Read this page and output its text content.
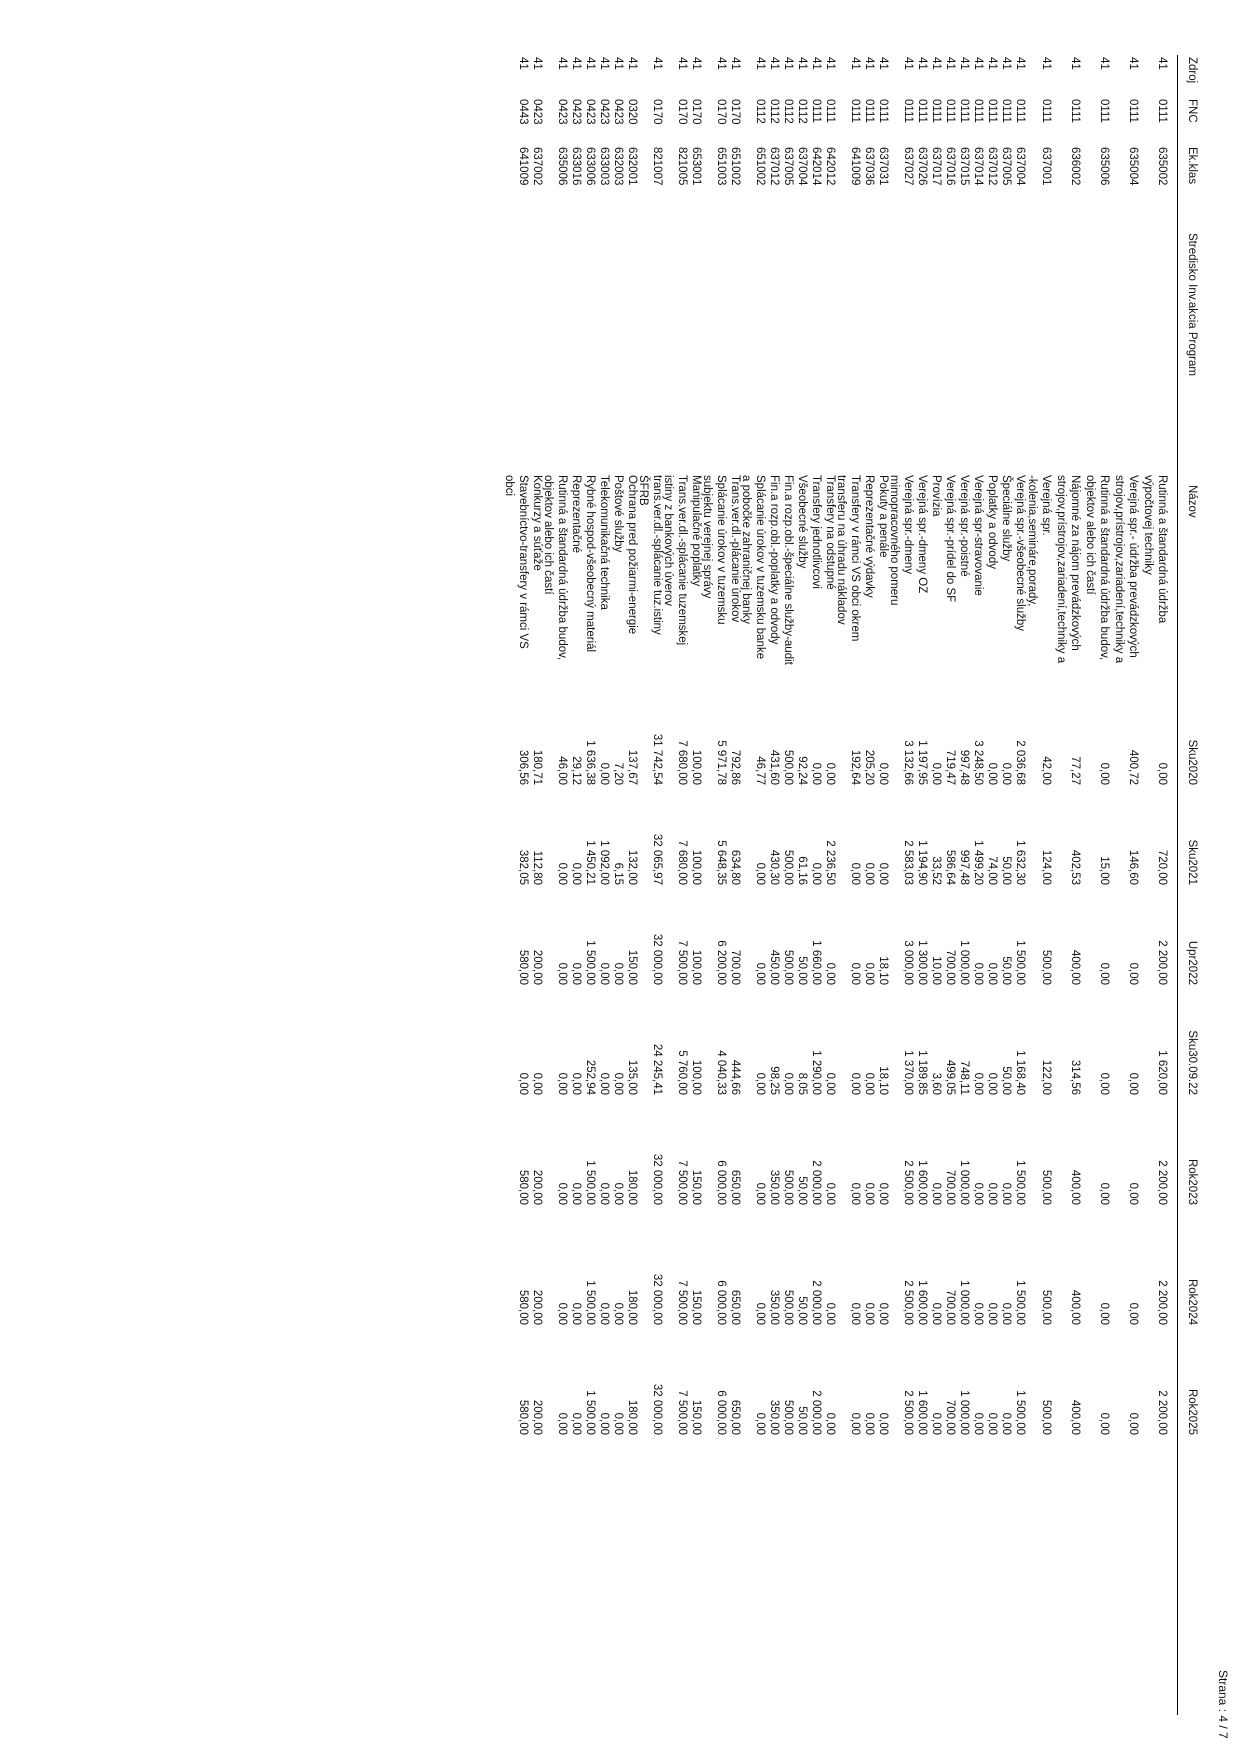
Strana : 4 / 7
Zdroj
FNC
Ek.klas
Stredisko Inv.akcia Program
Názov
Sku2020
Sku2021
Upr2022
Sku30.09.22
Rok2023
Rok2024
Rok2025
41
0111
635002
Rutinná a štandardná údržba
výpočtovej techniky
0,00
720,00
2 200,00
1 620,00
2 200,00
2 200,00
2 200,00
41
0111
635004
Verejná spr.- údržba prevádzkových
strojov,prístrojov,zariadení,techniky a
400,72
146,60
0,00
0,00
0,00
0,00
0,00
41
0111
635006
Rutinná a štandardná údržba budov,
objektov alebo ich častí
0,00
15,00
0,00
0,00
0,00
0,00
0,00
41
0111
636002
Nájomné za nájom prevádzkových
strojov,prístrojov,zariadení,techniky a
77,27
402,53
400,00
314,56
400,00
400,00
400,00
41
0111
637001
Verejná spr.
-kolenia,semináre,porady,
42,00
124,00
500,00
122,00
500,00
500,00
500,00
41
0111
637004
Verejná spr.-všeobecné služby
2 036,68
1 632,30
1 500,00
1 168,40
1 500,00
1 500,00
1 500,00
41
0111
637005
Špeciálne služby
0,00
50,00
50,00
50,00
0,00
0,00
0,00
41
0111
637012
Poplatky a odvody
0,00
74,00
0,00
0,00
0,00
0,00
0,00
41
0111
637014
Verejná spr-stravovanie
3 248,50
1 499,20
0,00
0,00
0,00
0,00
0,00
41
0111
637015
Verejná spr.-poistné
997,48
997,48
1 000,00
748,11
1 000,00
1 000,00
1 000,00
41
0111
637016
Verejná spr.-prídel do SF
719,47
586,64
700,00
499,05
700,00
700,00
700,00
41
0111
637017
Provízia
0,00
33,52
10,00
3,60
0,00
0,00
0,00
41
0111
637026
Verejná spr.-dmeny OZ
1 197,95
1 194,90
1 300,00
1 189,85
1 600,00
1 600,00
1 600,00
41
0111
637027
Verejná spr.-dmeny
mimopracovného pomeru
3 132,66
2 583,03
3 000,00
1 370,00
2 500,00
2 500,00
2 500,00
41
0111
637031
Pokuty a penále
0,00
0,00
18,10
18,10
0,00
0,00
0,00
41
0111
637036
Reprezentačné výdavky
205,20
0,00
0,00
0,00
0,00
0,00
0,00
41
0111
641009
Transfery v rámci VS obci okrem
transferu na úhradu nákladov
192,64
0,00
0,00
0,00
0,00
0,00
0,00
41
0111
642012
Transfery na odstupné
0,00
2 236,50
0,00
0,00
0,00
0,00
0,00
41
0111
642014
Transfery jednotlivcovi
0,00
0,00
1 660,00
1 290,00
2 000,00
2 000,00
2 000,00
41
0112
637004
Všeobecné služby
92,24
61,16
50,00
8,05
50,00
50,00
50,00
41
0112
637005
Fin.a rozp.obl.-špeciálne služby-audit
500,00
500,00
500,00
0,00
500,00
500,00
500,00
41
0112
637012
Fin.a rozp.obl.-poplatky a odvody
431,60
430,30
450,00
98,25
350,00
350,00
350,00
41
0112
651002
Splácanie úrokov v tuzemsku banke
a pobočke zahraničnej banky
46,77
0,00
0,00
0,00
0,00
0,00
0,00
41
0170
651002
Trans.ver.dl.-plácanie úrokov
792,86
634,80
700,00
444,66
650,00
650,00
650,00
41
0170
651003
Splácanie úrokov v tuzemsku
subjektu verejnej správy
5 971,78
5 648,35
6 200,00
4 040,33
6 000,00
6 000,00
6 000,00
41
0170
653001
Manipulačné poplatky
100,00
100,00
100,00
100,00
150,00
150,00
150,00
41
0170
821005
Trans.ver.dl.-splácanie tuzemskej
istiny z bankových úverov
7 680,00
7 680,00
7 500,00
5 760,00
7 500,00
7 500,00
7 500,00
41
0170
821007
trans.ver.dl.-splácanie tuz.istiny
ŠFRB
31 742,54
32 065,97
32 000,00
24 245,41
32 000,00
32 000,00
32 000,00
41
0320
632001
Ochrana pred požiarmi-energie
137,67
132,00
150,00
135,00
180,00
180,00
180,00
41
0423
632003
Poštové služby
7,20
6,15
0,00
0,00
0,00
0,00
0,00
41
0423
633003
Telekomunikačná technika
0,00
1 092,00
0,00
0,00
0,00
0,00
0,00
41
0423
633006
Rybné hospod-všeobecný materiál
1 636,38
1 450,21
1 500,00
252,94
1 500,00
1 500,00
1 500,00
41
0423
633016
Reprezentačné
29,12
0,00
0,00
0,00
0,00
0,00
0,00
41
0423
635006
Rutinná a štandardná údržba budov,
objektov alebo ich častí
46,00
0,00
0,00
0,00
0,00
0,00
0,00
41
0423
637002
Konkurzy a súťaže
180,71
112,80
200,00
0,00
200,00
200,00
200,00
41
0443
641009
Stavebníctvo-transfery v rámci VS
obci
306,56
382,05
580,00
0,00
580,00
580,00
580,00
